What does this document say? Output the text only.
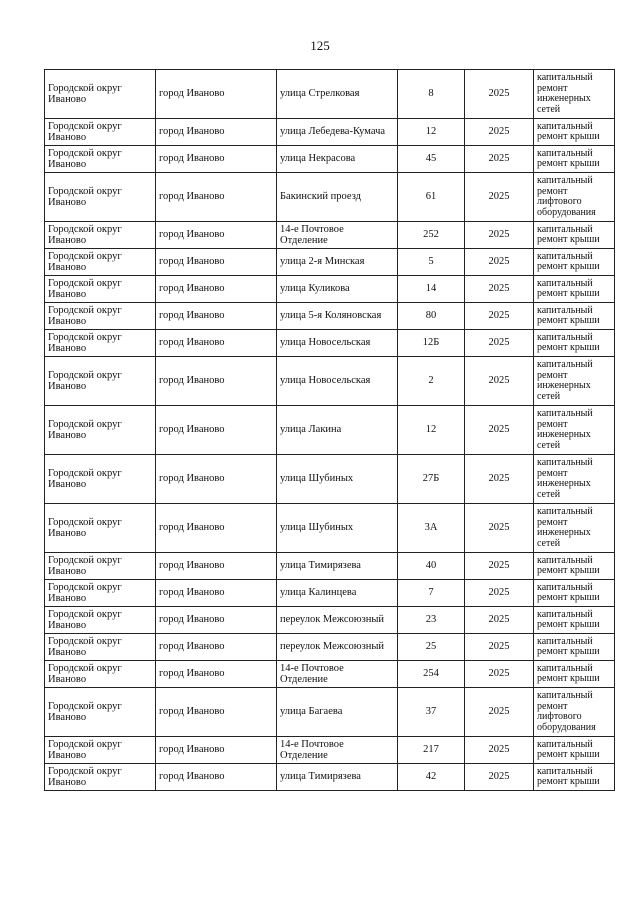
125
Городской округ Иваново	город Иваново	улица Стрелковая	8	2025	капитальный ремонт инженерных сетей
Городской округ Иваново	город Иваново	улица Лебедева-Кумача	12	2025	капитальный ремонт крыши
Городской округ Иваново	город Иваново	улица Некрасова	45	2025	капитальный ремонт крыши
Городской округ Иваново	город Иваново	Бакинский проезд	61	2025	капитальный ремонт лифтового оборудования
Городской округ Иваново	город Иваново	14-е Почтовое Отделение	252	2025	капитальный ремонт крыши
Городской округ Иваново	город Иваново	улица 2-я Минская	5	2025	капитальный ремонт крыши
Городской округ Иваново	город Иваново	улица Куликова	14	2025	капитальный ремонт крыши
Городской округ Иваново	город Иваново	улица 5-я Коляновская	80	2025	капитальный ремонт крыши
Городской округ Иваново	город Иваново	улица Новосельская	12Б	2025	капитальный ремонт крыши
Городской округ Иваново	город Иваново	улица Новосельская	2	2025	капитальный ремонт инженерных сетей
Городской округ Иваново	город Иваново	улица Лакина	12	2025	капитальный ремонт инженерных сетей
Городской округ Иваново	город Иваново	улица Шубиных	27Б	2025	капитальный ремонт инженерных сетей
Городской округ Иваново	город Иваново	улица Шубиных	3А	2025	капитальный ремонт инженерных сетей
Городской округ Иваново	город Иваново	улица Тимирязева	40	2025	капитальный ремонт крыши
Городской округ Иваново	город Иваново	улица Калинцева	7	2025	капитальный ремонт крыши
Городской округ Иваново	город Иваново	переулок Межсоюзный	23	2025	капитальный ремонт крыши
Городской округ Иваново	город Иваново	переулок Межсоюзный	25	2025	капитальный ремонт крыши
Городской округ Иваново	город Иваново	14-е Почтовое Отделение	254	2025	капитальный ремонт крыши
Городской округ Иваново	город Иваново	улица Багаева	37	2025	капитальный ремонт лифтового оборудования
Городской округ Иваново	город Иваново	14-е Почтовое Отделение	217	2025	капитальный ремонт крыши
Городской округ Иваново	город Иваново	улица Тимирязева	42	2025	капитальный ремонт крыши
